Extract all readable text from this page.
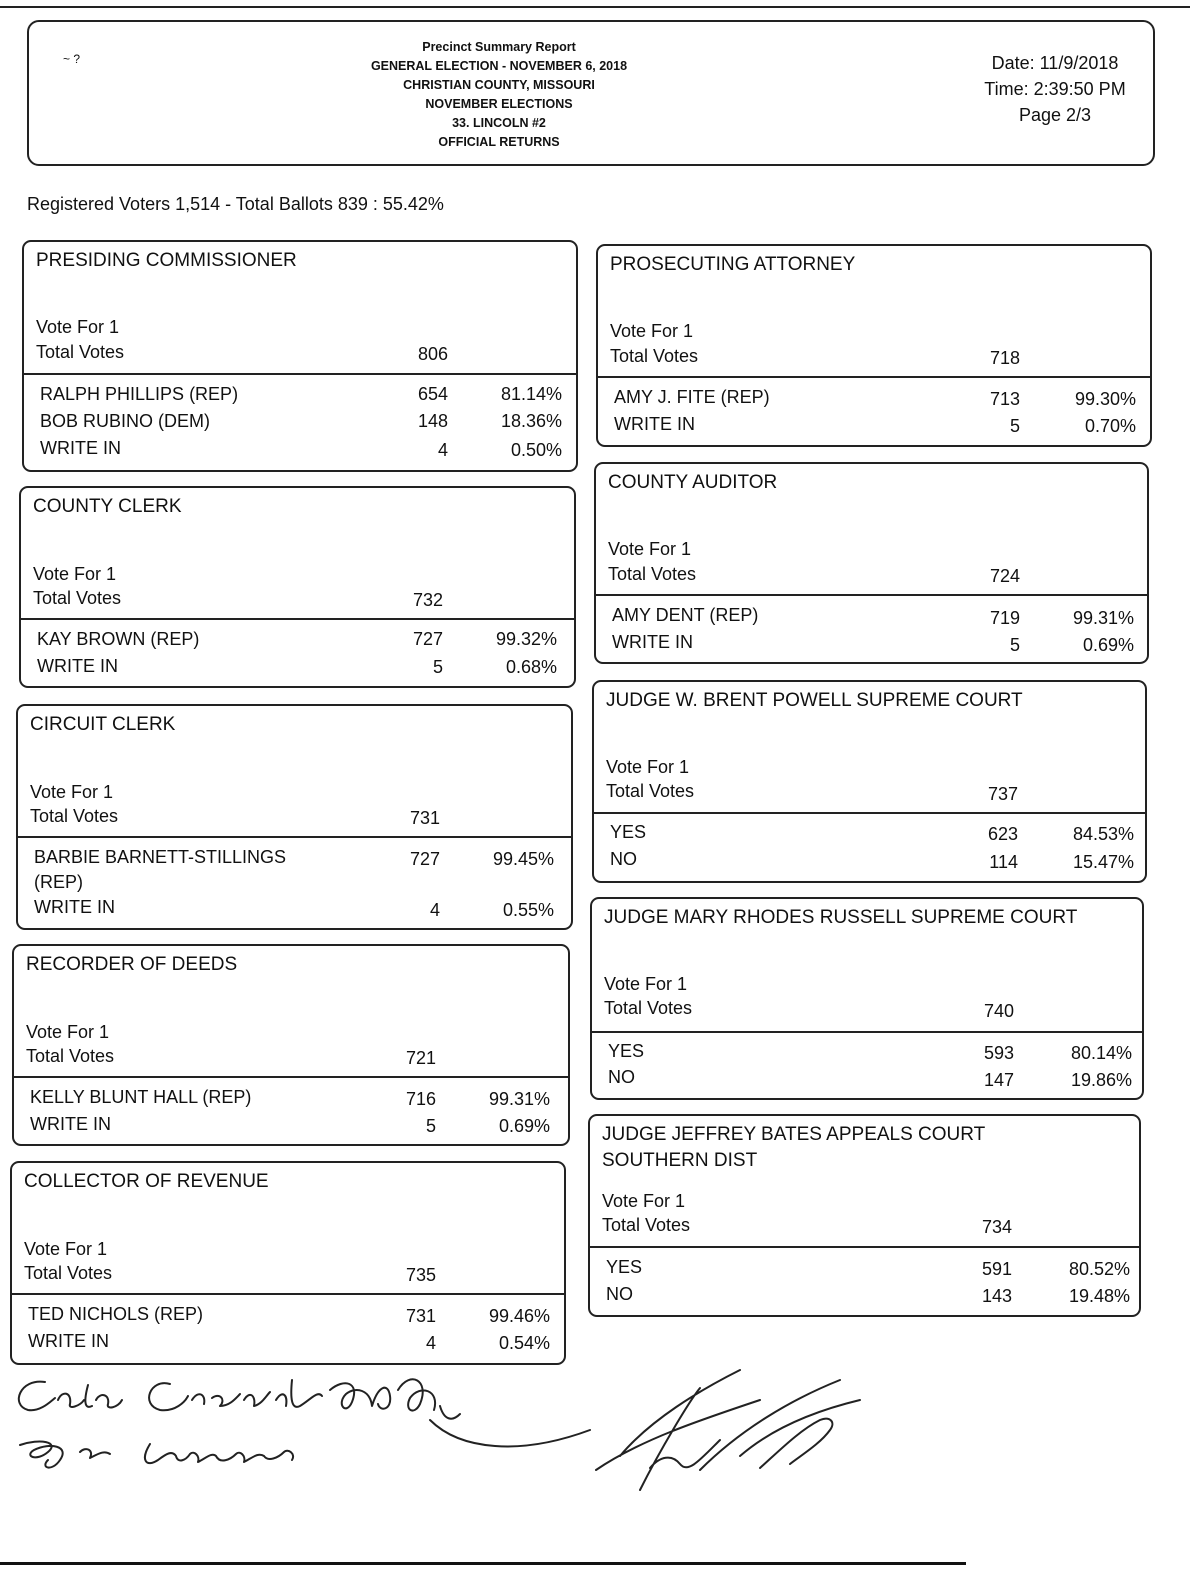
~ ?
Precinct Summary Report
GENERAL ELECTION - NOVEMBER 6, 2018
CHRISTIAN COUNTY, MISSOURI
NOVEMBER ELECTIONS
33. LINCOLN #2
OFFICIAL RETURNS
Date: 11/9/2018
Time: 2:39:50 PM
Page 2/3
Registered Voters 1,514 - Total Ballots 839 : 55.42%
PRESIDING COMMISSIONER
Vote For 1
Total Votes	806
RALPH PHILLIPS (REP)	654	81.14%
BOB RUBINO (DEM)	148	18.36%
WRITE IN	4	0.50%
COUNTY CLERK
Vote For 1
Total Votes	732
KAY BROWN (REP)	727	99.32%
WRITE IN	5	0.68%
CIRCUIT CLERK
Vote For 1
Total Votes	731
BARBIE BARNETT-STILLINGS
(REP)
727	99.45%
WRITE IN	4	0.55%
RECORDER OF DEEDS
Vote For 1
Total Votes	721
KELLY BLUNT HALL (REP)	716	99.31%
WRITE IN	5	0.69%
COLLECTOR OF REVENUE
Vote For 1
Total Votes	735
TED NICHOLS (REP)	731	99.46%
WRITE IN	4	0.54%
PROSECUTING ATTORNEY
Vote For 1
Total Votes	718
AMY J. FITE (REP)	713	99.30%
WRITE IN	5	0.70%
COUNTY AUDITOR
Vote For 1
Total Votes	724
AMY DENT (REP)	719	99.31%
WRITE IN	5	0.69%
JUDGE W. BRENT POWELL SUPREME COURT
Vote For 1
Total Votes	737
YES	623	84.53%
NO	114	15.47%
JUDGE MARY RHODES RUSSELL SUPREME COURT
Vote For 1
Total Votes	740
YES	593	80.14%
NO	147	19.86%
JUDGE JEFFREY BATES APPEALS COURT
SOUTHERN DIST
Vote For 1
Total Votes	734
YES	591	80.52%
NO	143	19.48%
